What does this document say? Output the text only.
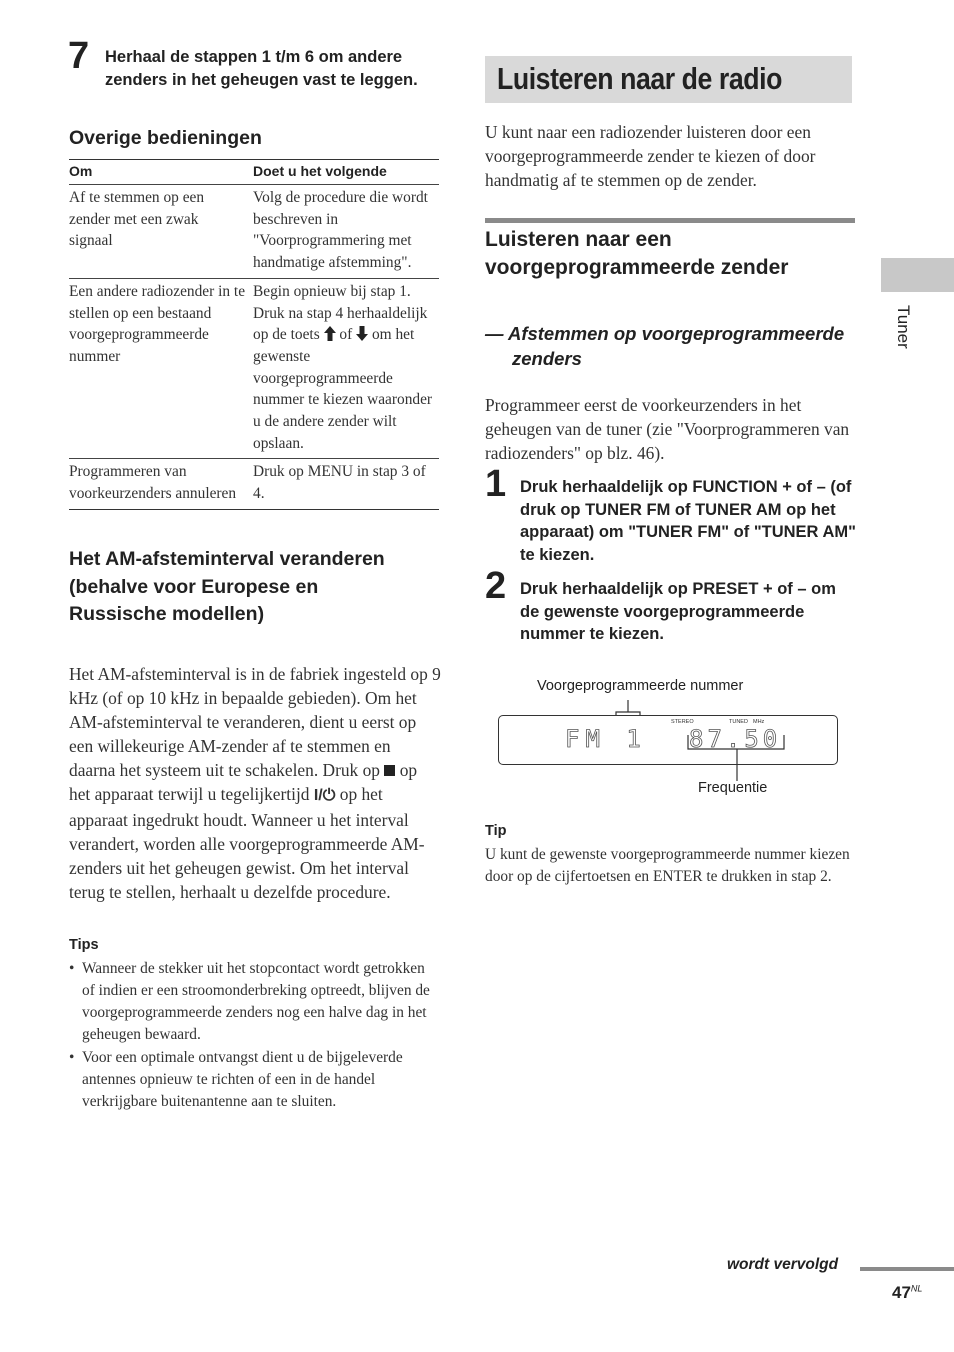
7 Herhaal de stappen 1 t/m 6 om andere zenders in het geheugen vast te leggen.
Overige bedieningen
Om	Doet u het volgende
Af te stemmen op een zender met een zwak signaal	Volg de procedure die wordt beschreven in "Voorprogrammering met handmatige afstemming".
Een andere radiozender in te stellen op een bestaand voorgeprogrammeerde nummer	Begin opnieuw bij stap 1. Druk na stap 4 herhaaldelijk op de toets of om het gewenste voorgeprogrammeerde nummer te kiezen waaronder u de andere zender wilt opslaan.
Programmeren van voorkeurzenders annuleren	Druk op MENU in stap 3 of 4.
Het AM-afsteminterval veranderen (behalve voor Europese en Russische modellen)
Het AM-afsteminterval is in de fabriek ingesteld op 9 kHz (of op 10 kHz in bepaalde gebieden). Om het AM-afsteminterval te veranderen, dient u eerst op een willekeurige AM-zender af te stemmen en daarna het systeem uit te schakelen. Druk op op het apparaat terwijl u tegelijkertijd I/⏻ op het apparaat ingedrukt houdt. Wanneer u het interval verandert, worden alle voorgeprogrammeerde AM-zenders uit het geheugen gewist. Om het interval terug te stellen, herhaalt u dezelfde procedure.
Tips
• Wanneer de stekker uit het stopcontact wordt getrokken of indien er een stroomonderbreking optreedt, blijven de voorgeprogrammeerde zenders nog een halve dag in het geheugen bewaard.
• Voor een optimale ontvangst dient u de bijgeleverde antennes opnieuw te richten of een in de handel verkrijgbare buitenantenne aan te sluiten.
Luisteren naar de radio
U kunt naar een radiozender luisteren door een voorgeprogrammeerde zender te kiezen of door handmatig af te stemmen op de zender.
Luisteren naar een voorgeprogrammeerde zender
— Afstemmen op voorgeprogrammeerde zenders
Programmeer eerst de voorkeurzenders in het geheugen van de tuner (zie "Voorprogrammeren van radiozenders" op blz. 46).
1 Druk herhaaldelijk op FUNCTION + of – (of druk op TUNER FM of TUNER AM op het apparaat) om "TUNER FM" of "TUNER AM" te kiezen.
2 Druk herhaaldelijk op PRESET + of – om de gewenste voorgeprogrammeerde nummer te kiezen.
Voorgeprogrammeerde nummer
STEREO	TUNED MHz
FM 1 87.50
Frequentie
Tip
U kunt de gewenste voorgeprogrammeerde nummer kiezen door op de cijfertoetsen en ENTER te drukken in stap 2.
Tuner
wordt vervolgd
$47^{NL}$
